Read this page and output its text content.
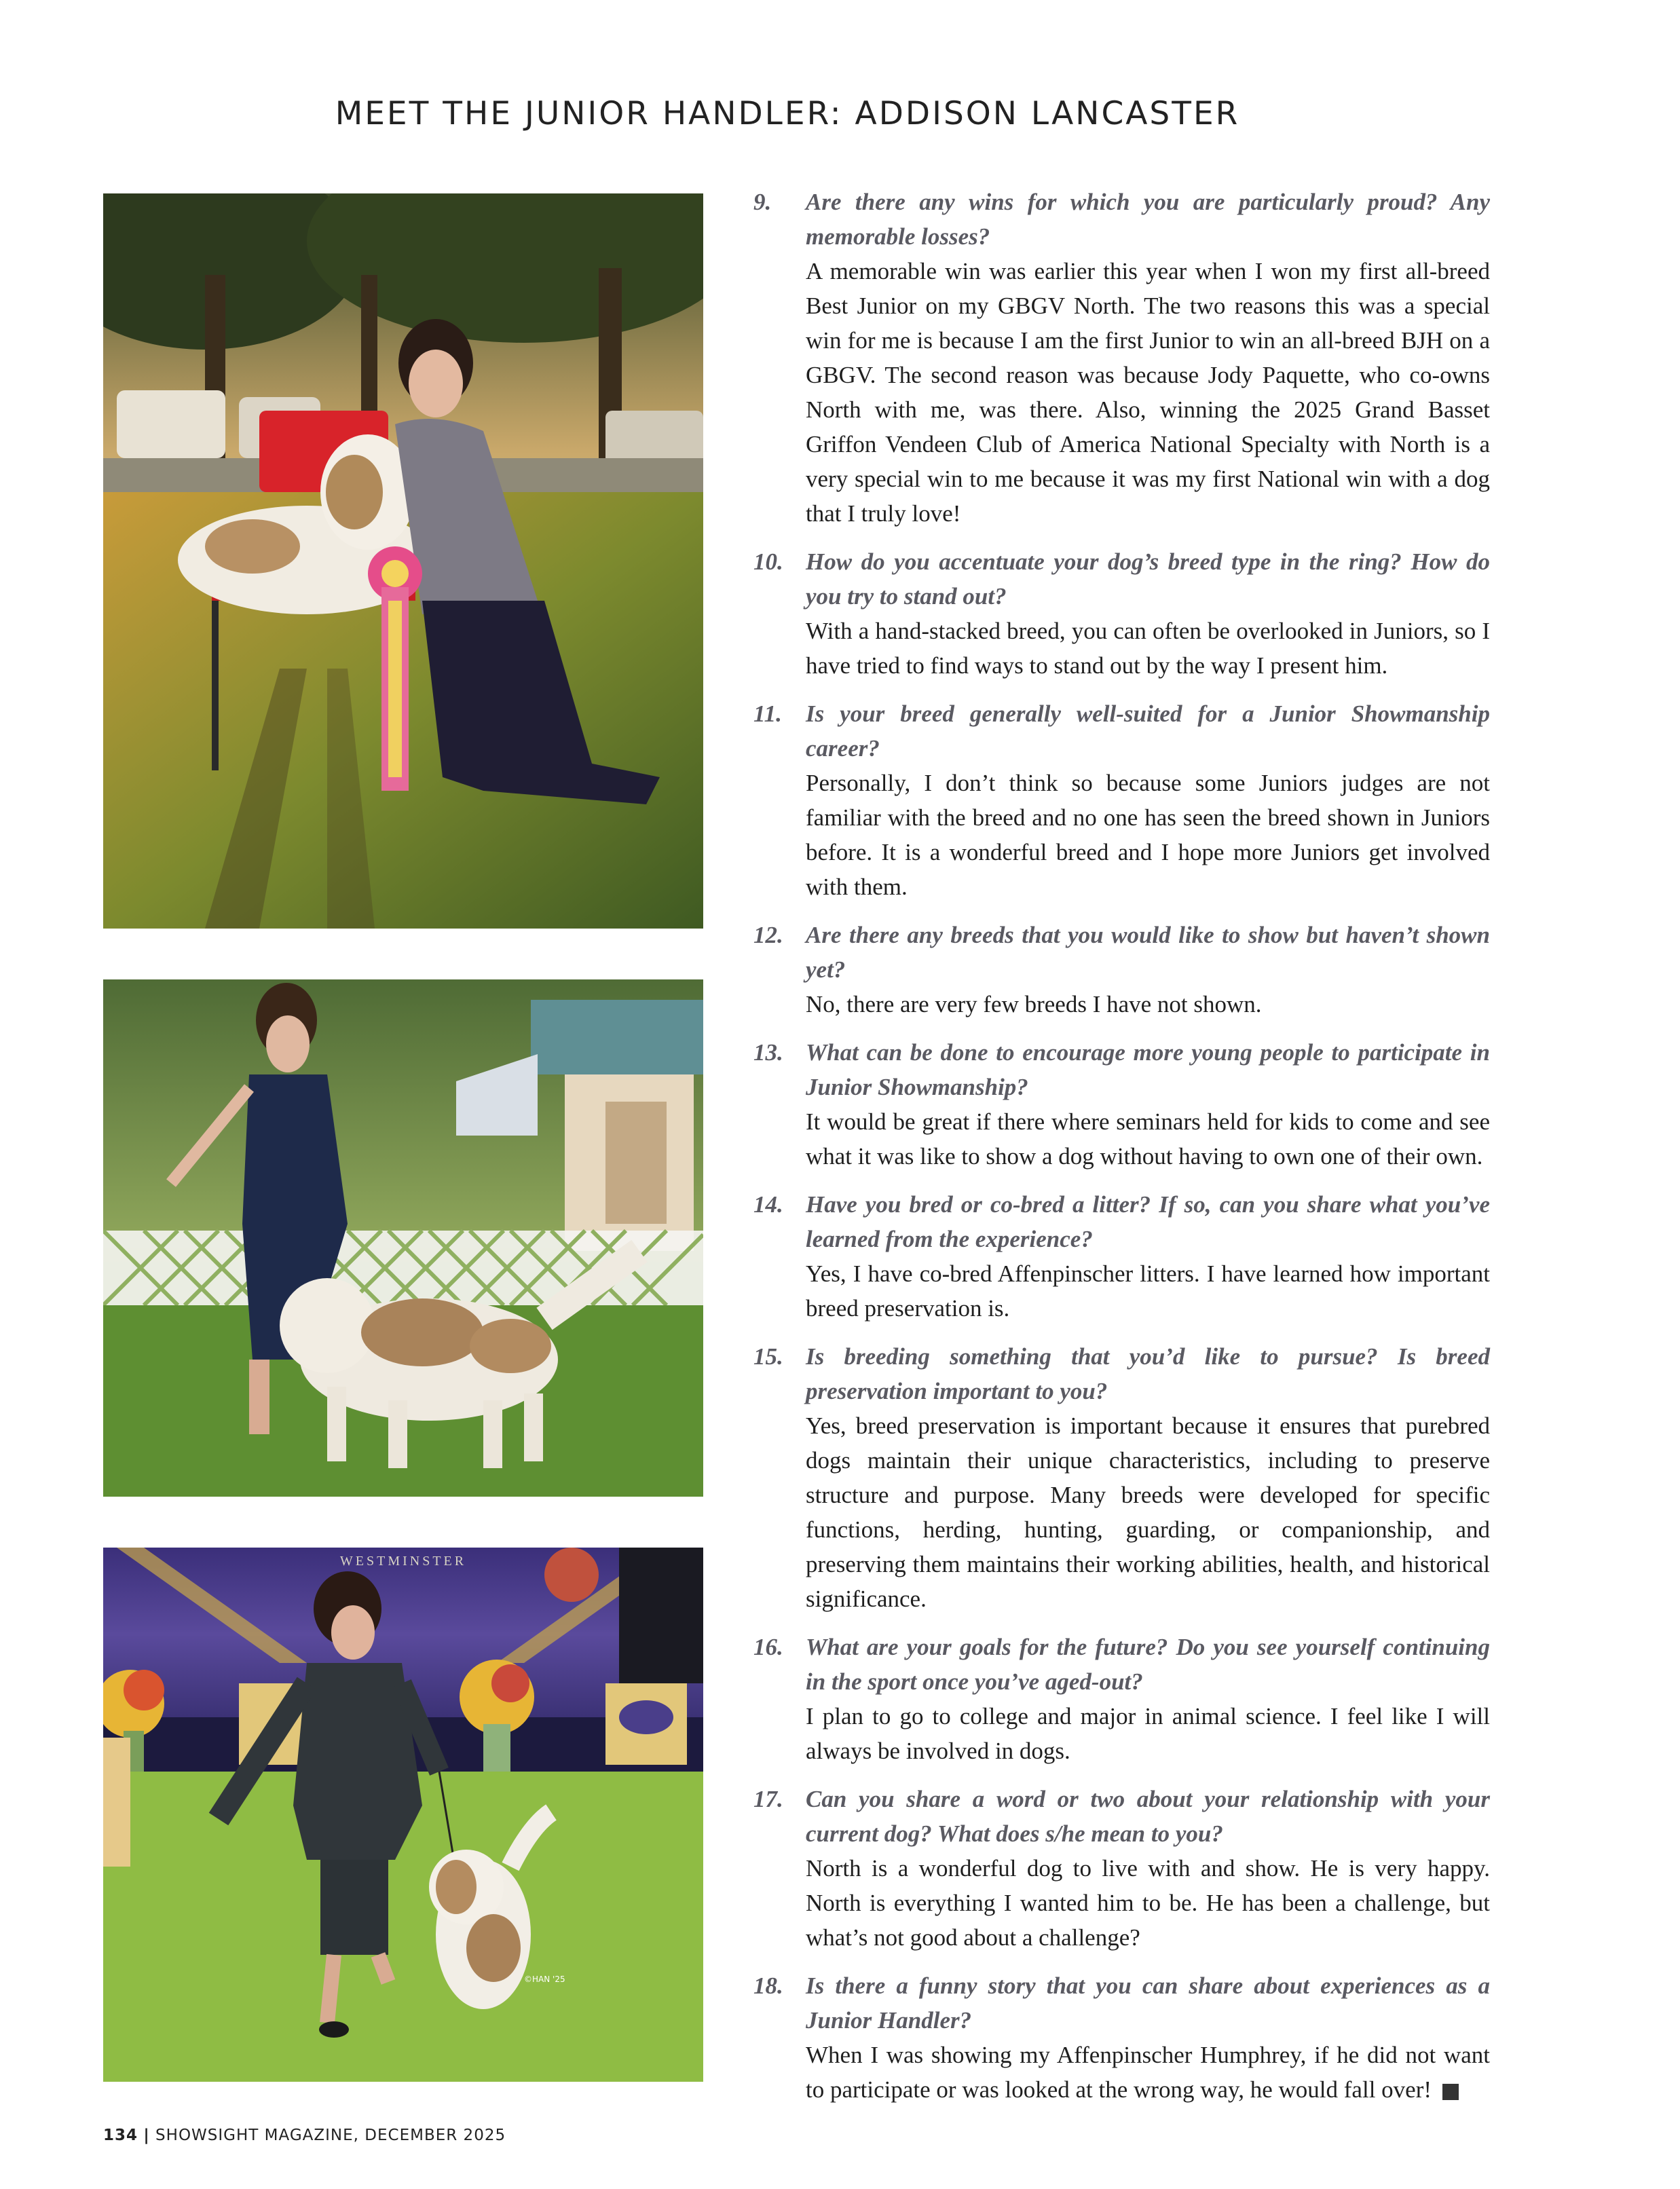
MEET THE JUNIOR HANDLER: ADDISON LANCASTER
WESTMINSTER
©HAN '25
9. Are there any wins for which you are particularly proud? Any memorable losses?

A memorable win was earlier this year when I won my first all-breed Best Junior on my GBGV North. The two reasons this was a special win for me is because I am the first Junior to win an all-breed BJH on a GBGV. The second reason was because Jody Paquette, who co-owns North with me, was there. Also, winning the 2025 Grand Basset Griffon Vendeen Club of America National Specialty with North is a very special win to me because it was my first National win with a dog that I truly love!

10. How do you accentuate your dog’s breed type in the ring? How do you try to stand out?

With a hand-stacked breed, you can often be overlooked in Juniors, so I have tried to find ways to stand out by the way I present him.

11. Is your breed generally well-suited for a Junior Showmanship career?

Personally, I don’t think so because some Juniors judges are not familiar with the breed and no one has seen the breed shown in Juniors before. It is a wonderful breed and I hope more Juniors get involved with them.

12. Are there any breeds that you would like to show but haven’t shown yet?

No, there are very few breeds I have not shown.

13. What can be done to encourage more young people to participate in Junior Showmanship?

It would be great if there where seminars held for kids to come and see what it was like to show a dog without having to own one of their own.

14. Have you bred or co-bred a litter? If so, can you share what you’ve learned from the experience?

Yes, I have co-bred Affenpinscher litters. I have learned how important breed preservation is.

15. Is breeding something that you’d like to pursue? Is breed preservation important to you?

Yes, breed preservation is important because it ensures that purebred dogs maintain their unique characteristics, including to preserve structure and purpose. Many breeds were developed for specific functions, herding, hunting, guarding, or companionship, and preserving them maintains their working abilities, health, and historical significance.

16. What are your goals for the future? Do you see yourself continuing in the sport once you’ve aged-out?

I plan to go to college and major in animal science. I feel like I will always be involved in dogs.

17. Can you share a word or two about your relationship with your current dog? What does s/he mean to you?

North is a wonderful dog to live with and show. He is very happy. North is everything I wanted him to be. He has been a challenge, but what’s not good about a challenge?

18. Is there a funny story that you can share about experiences as a Junior Handler?

When I was showing my Affenpinscher Humphrey, if he did not want to participate or was looked at the wrong way, he would fall over!

134 | SHOWSIGHT MAGAZINE, DECEMBER 2025
